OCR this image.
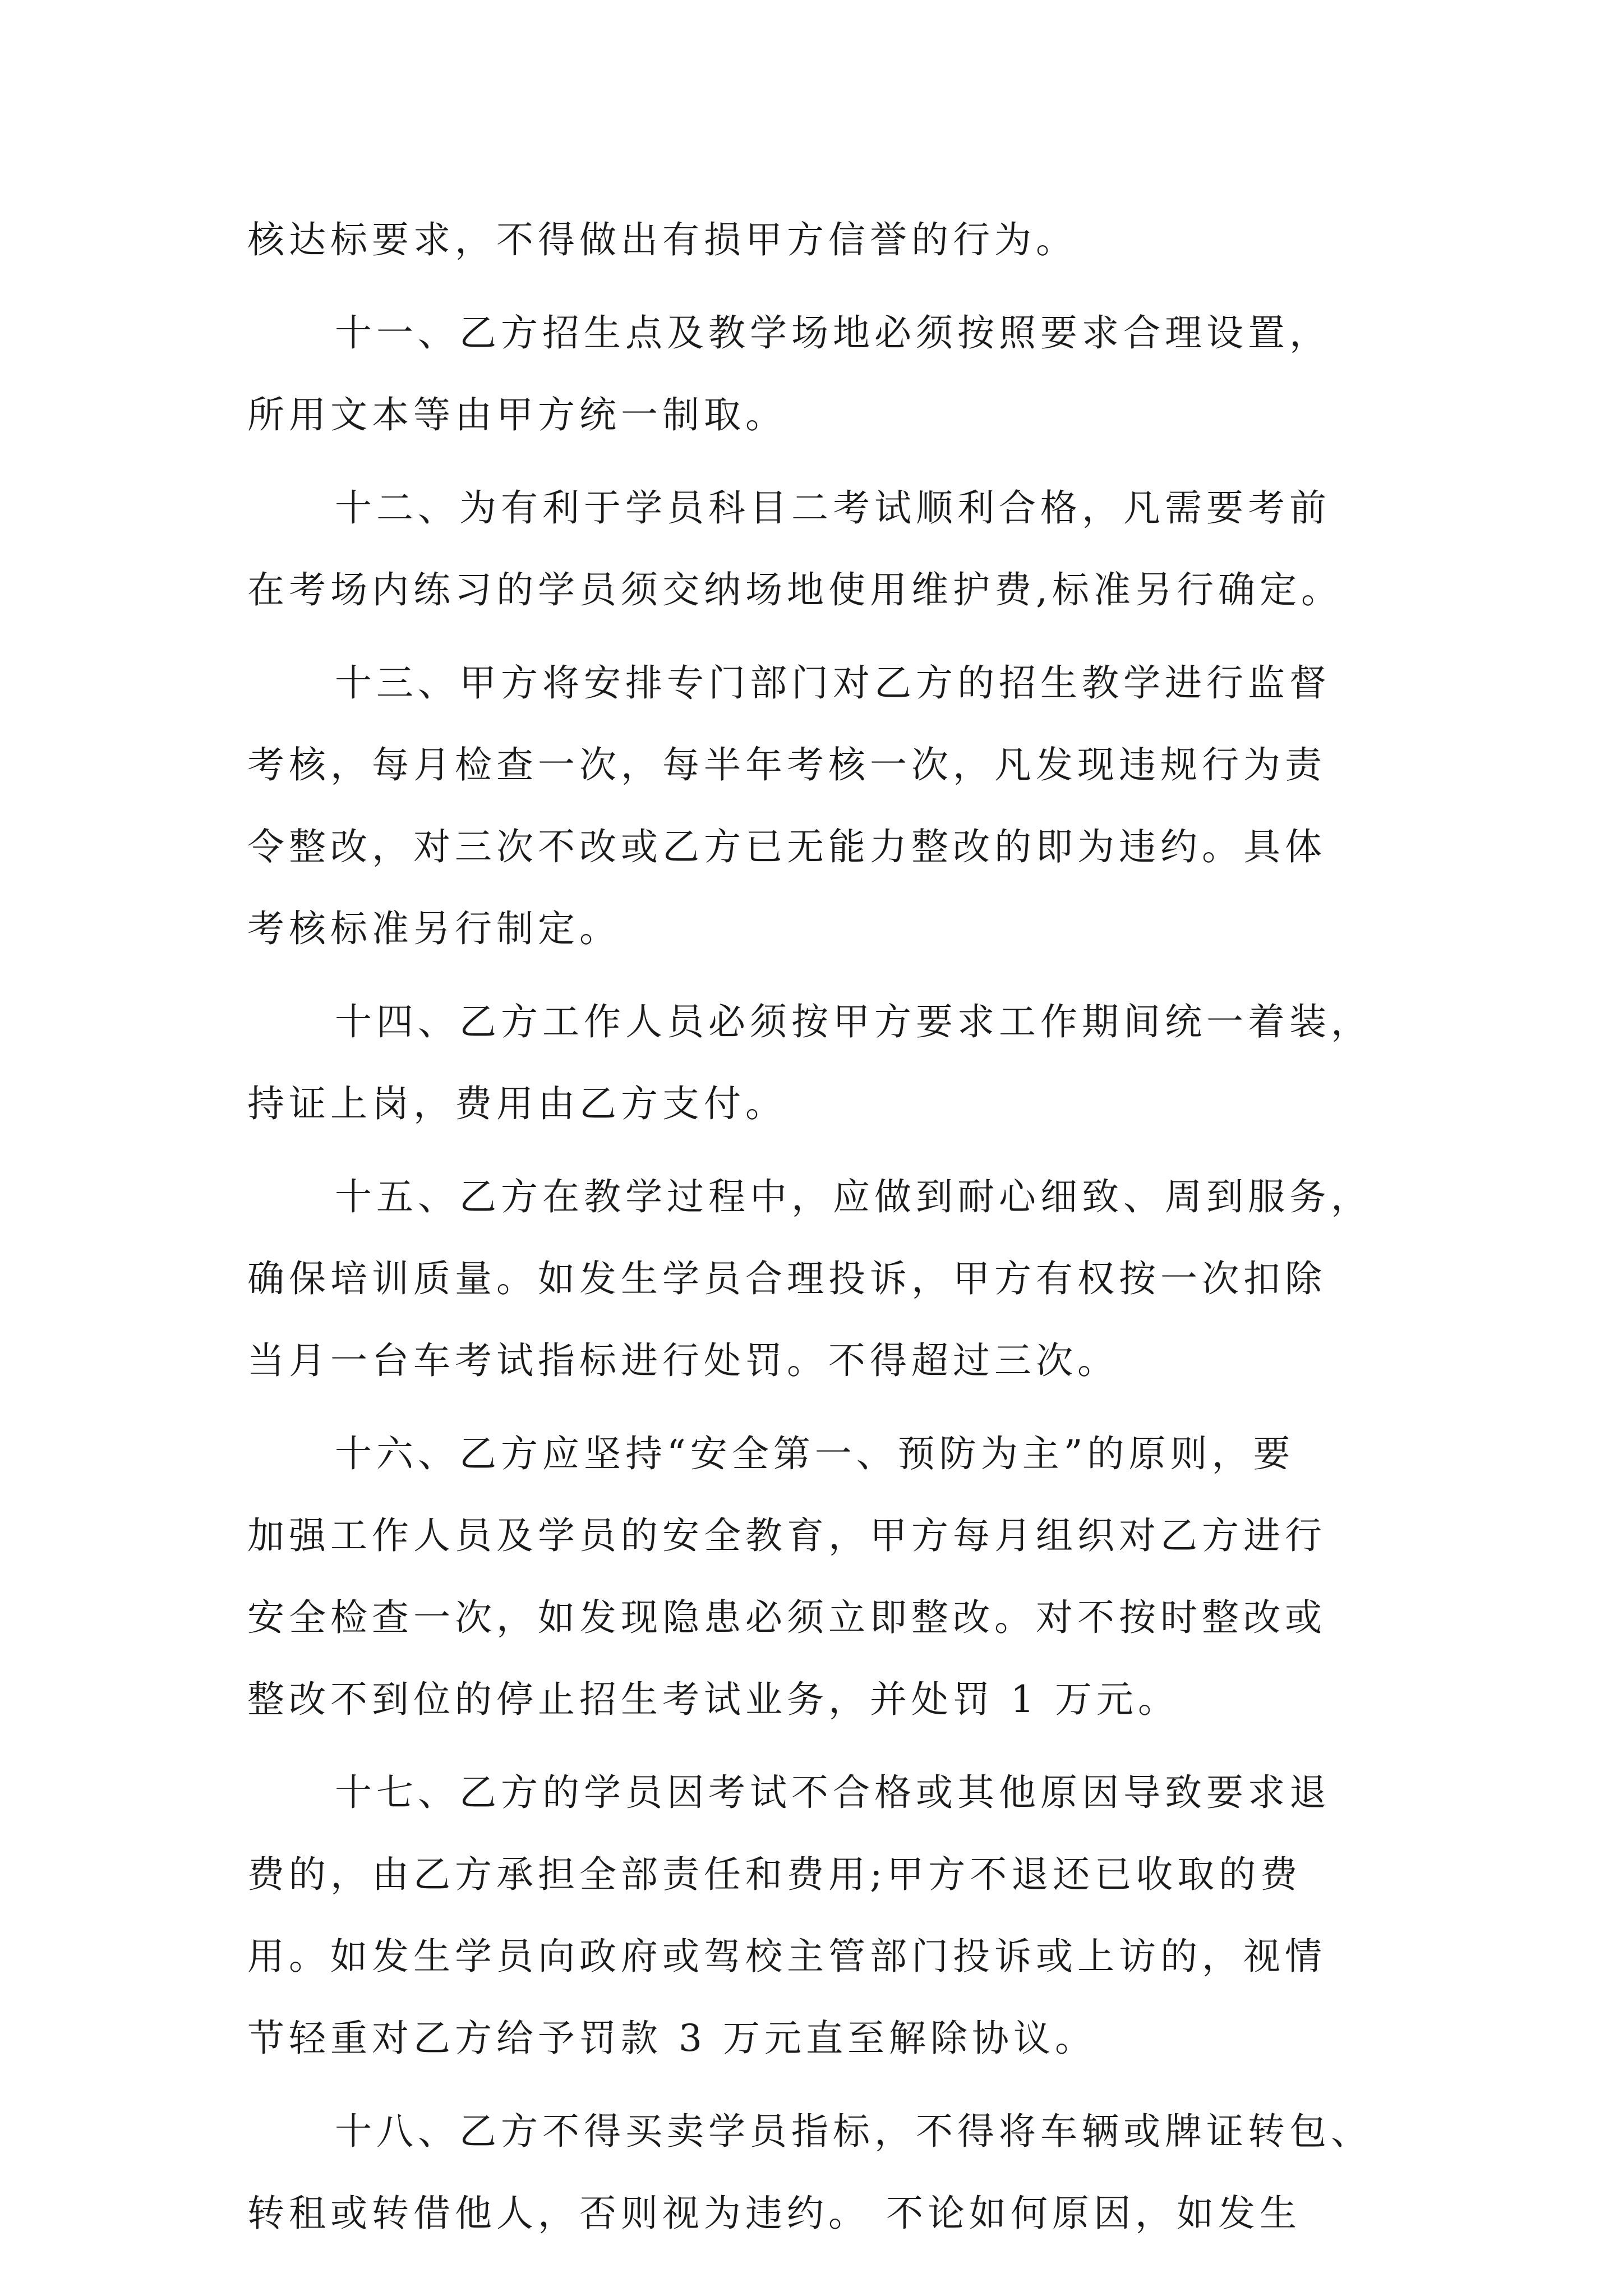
核达标要求，不得做出有损甲方信誉的行为。
十一、乙方招生点及教学场地必须按照要求合理设置，
所用文本等由甲方统一制取。
十二、为有利于学员科目二考试顺利合格，凡需要考前
在考场内练习的学员须交纳场地使用维护费,标准另行确定。
十三、甲方将安排专门部门对乙方的招生教学进行监督
考核，每月检查一次，每半年考核一次，凡发现违规行为责
令整改，对三次不改或乙方已无能力整改的即为违约。具体
考核标准另行制定。
十四、乙方工作人员必须按甲方要求工作期间统一着装，
持证上岗，费用由乙方支付。
十五、乙方在教学过程中，应做到耐心细致、周到服务，
确保培训质量。如发生学员合理投诉，甲方有权按一次扣除
当月一台车考试指标进行处罚。不得超过三次。
十六、乙方应坚持“安全第一、预防为主”的原则，要
加强工作人员及学员的安全教育，甲方每月组织对乙方进行
安全检查一次，如发现隐患必须立即整改。对不按时整改或
整改不到位的停止招生考试业务，并处罚 1 万元。
十七、乙方的学员因考试不合格或其他原因导致要求退
费的，由乙方承担全部责任和费用;甲方不退还已收取的费
用。如发生学员向政府或驾校主管部门投诉或上访的，视情
节轻重对乙方给予罚款 3 万元直至解除协议。
十八、乙方不得买卖学员指标，不得将车辆或牌证转包、
转租或转借他人，否则视为违约。 不论如何原因，如发生
